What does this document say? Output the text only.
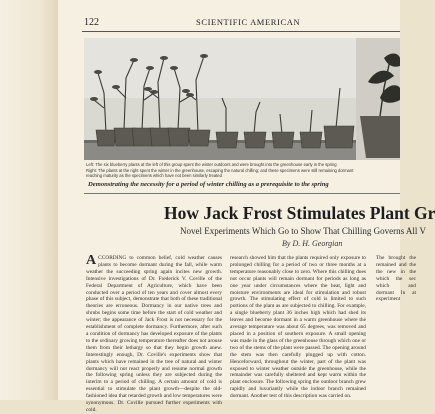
122	SCIENTIFIC AMERICAN
Left: The six blueberry plants at the left of this group spent the winter outdoors and were brought into the greenhouse early in the spring
Right: The plants at the right spent the winter in the greenhouse, escaping the natural chilling; and these specimens were still remaining dormant
reaching maturity as the specimens which have not been similarly treated
Demonstrating the necessity for a period of winter chilling as a prerequisite to the spring
How Jack Frost Stimulates Plant Gr
Novel Experiments Which Go to Show That Chilling Governs All V
By D. H. Georgian

ACCORDING to common belief, cold weather causes plants to become dormant during the fall, while warm weather the succeeding spring again incites new growth. Intensive investigations of Dr. Frederick V. Coville of the Federal Department of Agriculture, which have been conducted over a period of ten years and cover almost every phase of this subject, demonstrate that both of these traditional theories are erroneous. Dormancy in our native trees and shrubs begins some time before the start of cold weather and winter; the appearance of Jack Frost is not necessary for the establishment of complete dormancy. Furthermore, after such a condition of dormancy has developed exposure of the plants to the ordinary growing temperature thereafter does not arouse them from their lethargy so that they begin growth anew. Interestingly enough, Dr. Coville's experiments show that plants which have remained in the tree of natural and winter dormancy will not react properly and resume normal growth the following spring unless they are subjected during the interim to a period of chilling. A certain amount of cold is essential to stimulate the plant growth—despite the old-fashioned idea that retarded growth and low temperatures were synonymous. Dr. Coville pursued further experiments with cold.

research showed him that the plants required only exposure to prolonged chilling for a period of two or three months at a temperature reasonably close to zero. Where this chilling does not occur plants will remain dormant for periods as long as one year under circumstances where the heat, light and moisture environments are ideal for stimulation and robust growth. The stimulating effect of cold is limited to such portions of the plant as are subjected to chilling. For example, a single blueberry plant 36 inches high which had shed its leaves and become dormant in a warm greenhouse where the average temperature was about 65 degrees, was removed and placed in a position of southern exposure. A small opening was made in the glass of the greenhouse through which one or two of the stems of the plant were passed. The opening around the stem was then carefully plugged up with cotton. Henceforward, throughout the winter, part of the plant was exposed to winter weather outside the greenhouse, while the remainder was carefully sheltered and kept warm within the plant enclosure. The following spring the outdoor branch grew rapidly and luxuriantly while the indoor branch remained dormant. Another test of this description was carried on.

The brought the remained and the the new in the which the sec which and dormant In at experiment
